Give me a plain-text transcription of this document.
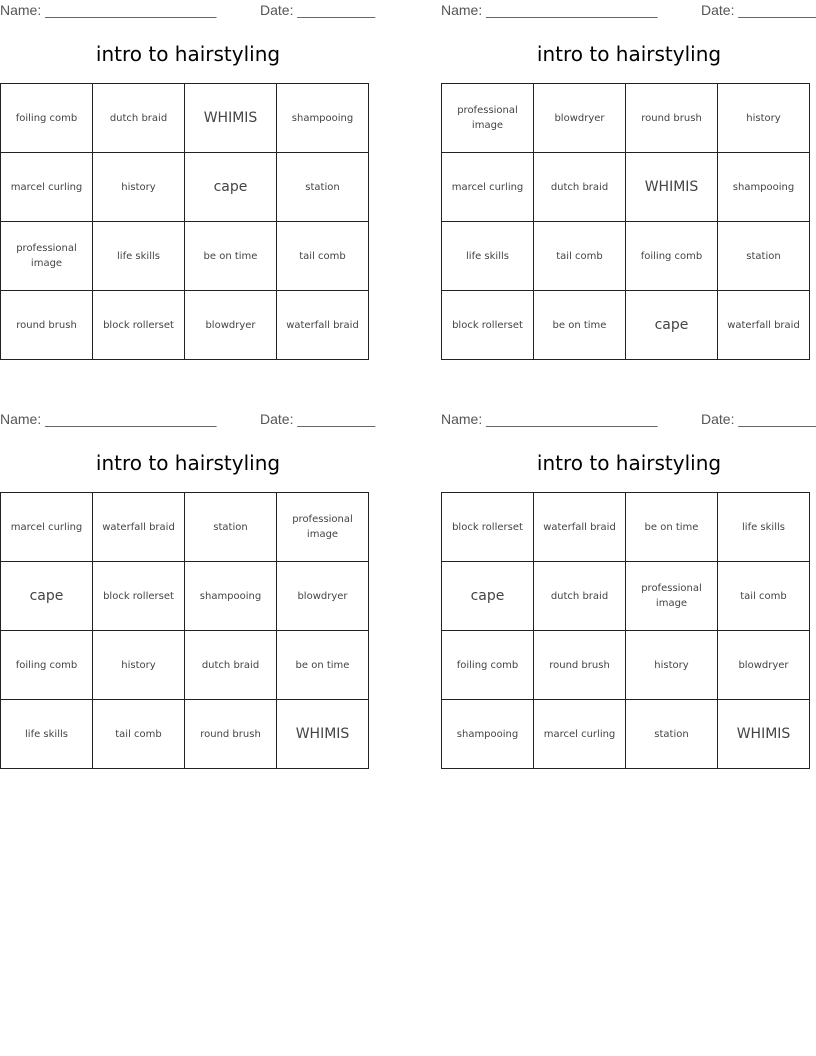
Name: ______________________	Date: __________
intro to hairstyling
foiling comb	dutch braid	WHIMIS	shampooing
marcel curling	history	cape	station
professional image	life skills	be on time	tail comb
round brush	block rollerset	blowdryer	waterfall braid
Name: ______________________	Date: __________
intro to hairstyling
professional image	blowdryer	round brush	history
marcel curling	dutch braid	WHIMIS	shampooing
life skills	tail comb	foiling comb	station
block rollerset	be on time	cape	waterfall braid
Name: ______________________	Date: __________
intro to hairstyling
marcel curling	waterfall braid	station	professional image
cape	block rollerset	shampooing	blowdryer
foiling comb	history	dutch braid	be on time
life skills	tail comb	round brush	WHIMIS
Name: ______________________	Date: __________
intro to hairstyling
block rollerset	waterfall braid	be on time	life skills
cape	dutch braid	professional image	tail comb
foiling comb	round brush	history	blowdryer
shampooing	marcel curling	station	WHIMIS
